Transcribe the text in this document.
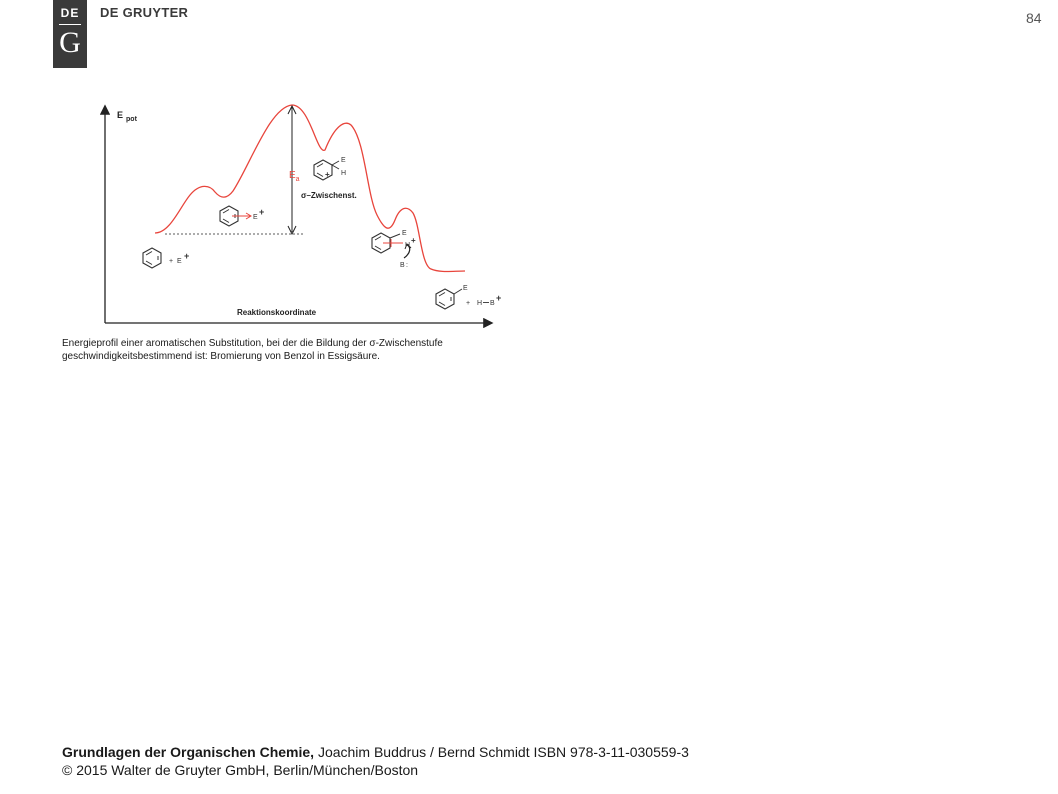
DE
G
DE GRUYTER	84
E $_{pot}$
Reaktionskoordinate
$E_a$
σ–Zwischenst.
+ E
+
E
+
E
H
+
E
H
+
B :
E
+ H B
+
Energieprofil einer aromatischen Substitution, bei der die Bildung der σ-Zwischenstufe
geschwindigkeitsbestimmend ist: Bromierung von Benzol in Essigsäure.
Grundlagen der Organischen Chemie, Joachim Buddrus / Bernd Schmidt ISBN 978-3-11-030559-3
© 2015 Walter de Gruyter GmbH, Berlin/München/Boston
